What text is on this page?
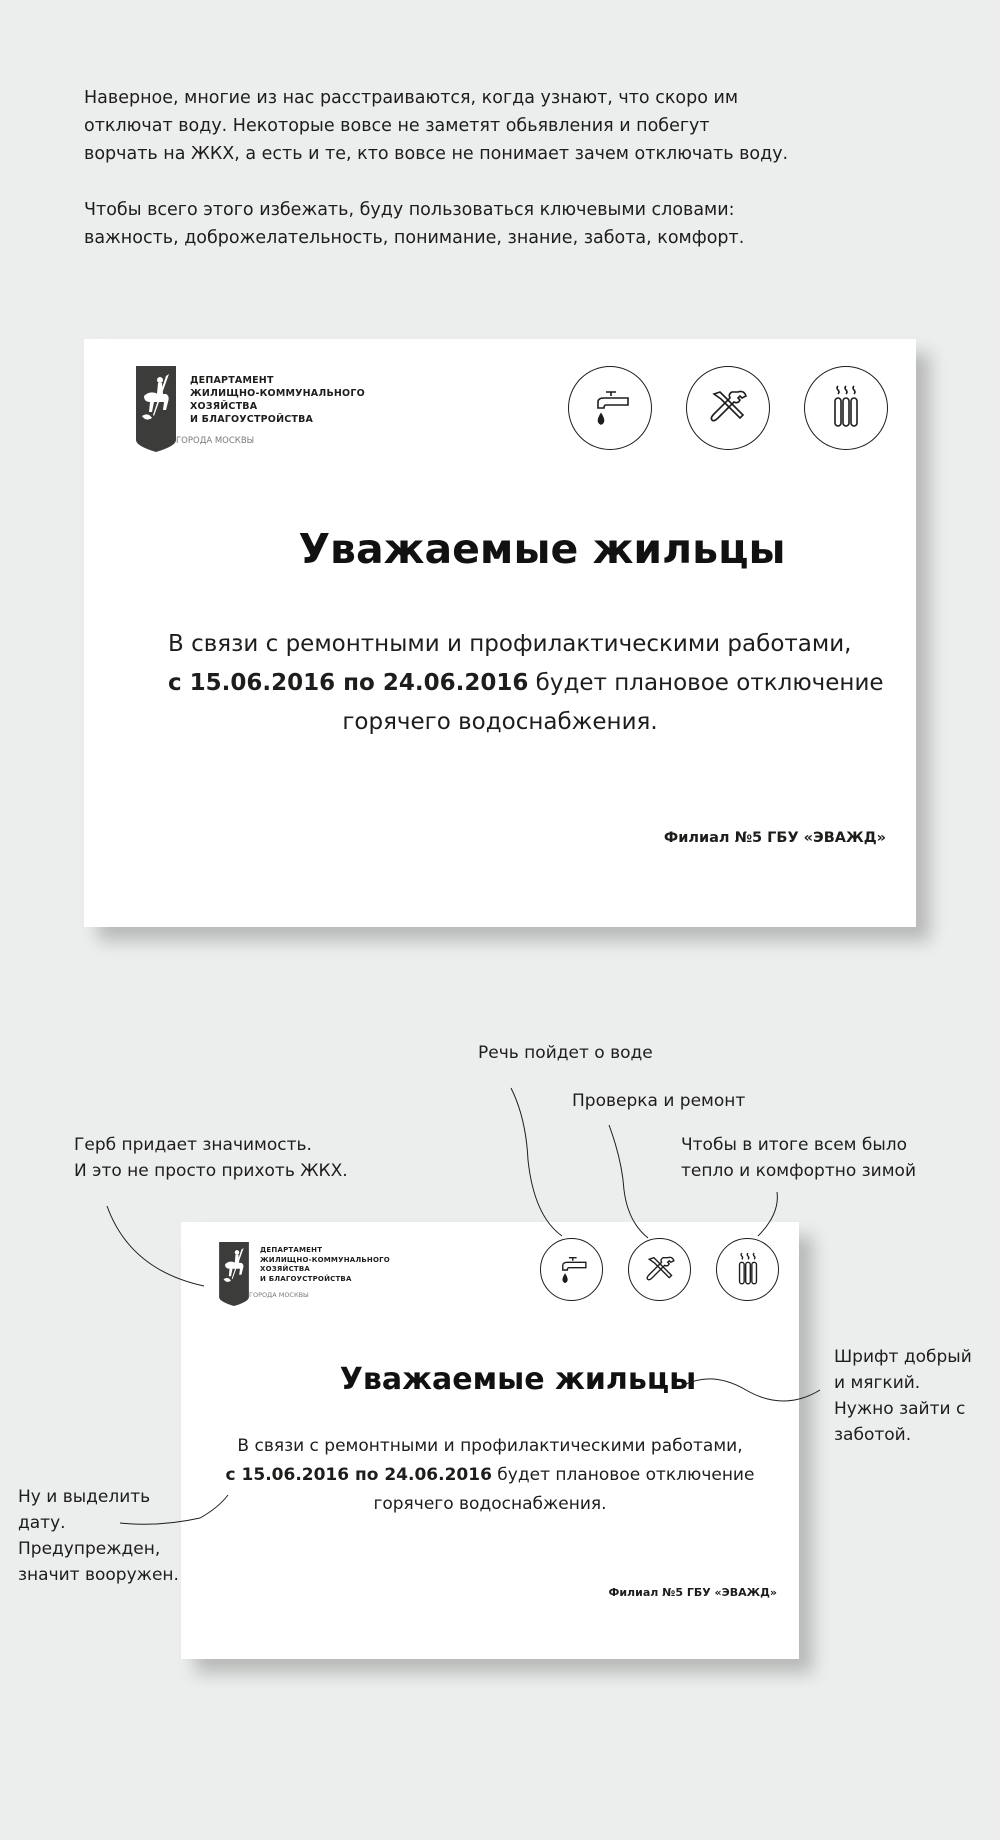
Наверное, многие из нас расстраиваются, когда узнают, что скоро им
отключат воду. Некоторые вовсе не заметят обьявления и побегут
ворчать на ЖКХ, а есть и те, кто вовсе не понимает зачем отключать воду.

Чтобы всего этого избежать, буду пользоваться ключевыми словами:
важность, доброжелательность, понимание, знание, забота, комфорт.

ДЕПАРТАМЕНТ
ЖИЛИЩНО-КОММУНАЛЬНОГО
ХОЗЯЙСТВА
И БЛАГОУСТРОЙСТВА
ГОРОДА МОСКВЫ
Уважаемые жильцы
В связи с ремонтными и профилактическими работами,
с 15.06.2016 по 24.06.2016 будет плановое отключение
горячего водоснабжения.
Филиал №5 ГБУ «ЭВАЖД»
ДЕПАРТАМЕНТ
ЖИЛИЩНО-КОММУНАЛЬНОГО
ХОЗЯЙСТВА
И БЛАГОУСТРОЙСТВА
ГОРОДА МОСКВЫ
Уважаемые жильцы
В связи с ремонтными и профилактическими работами,
с 15.06.2016 по 24.06.2016 будет плановое отключение
горячего водоснабжения.
Филиал №5 ГБУ «ЭВАЖД»
Речь пойдет о воде
Проверка и ремонт
Чтобы в итоге всем было
тепло и комфортно зимой
Герб придает значимость.
И это не просто прихоть ЖКХ.
Шрифт добрый
и мягкий.
Нужно зайти с
заботой.
Ну и выделить
дату.
Предупрежден,
значит вооружен.
